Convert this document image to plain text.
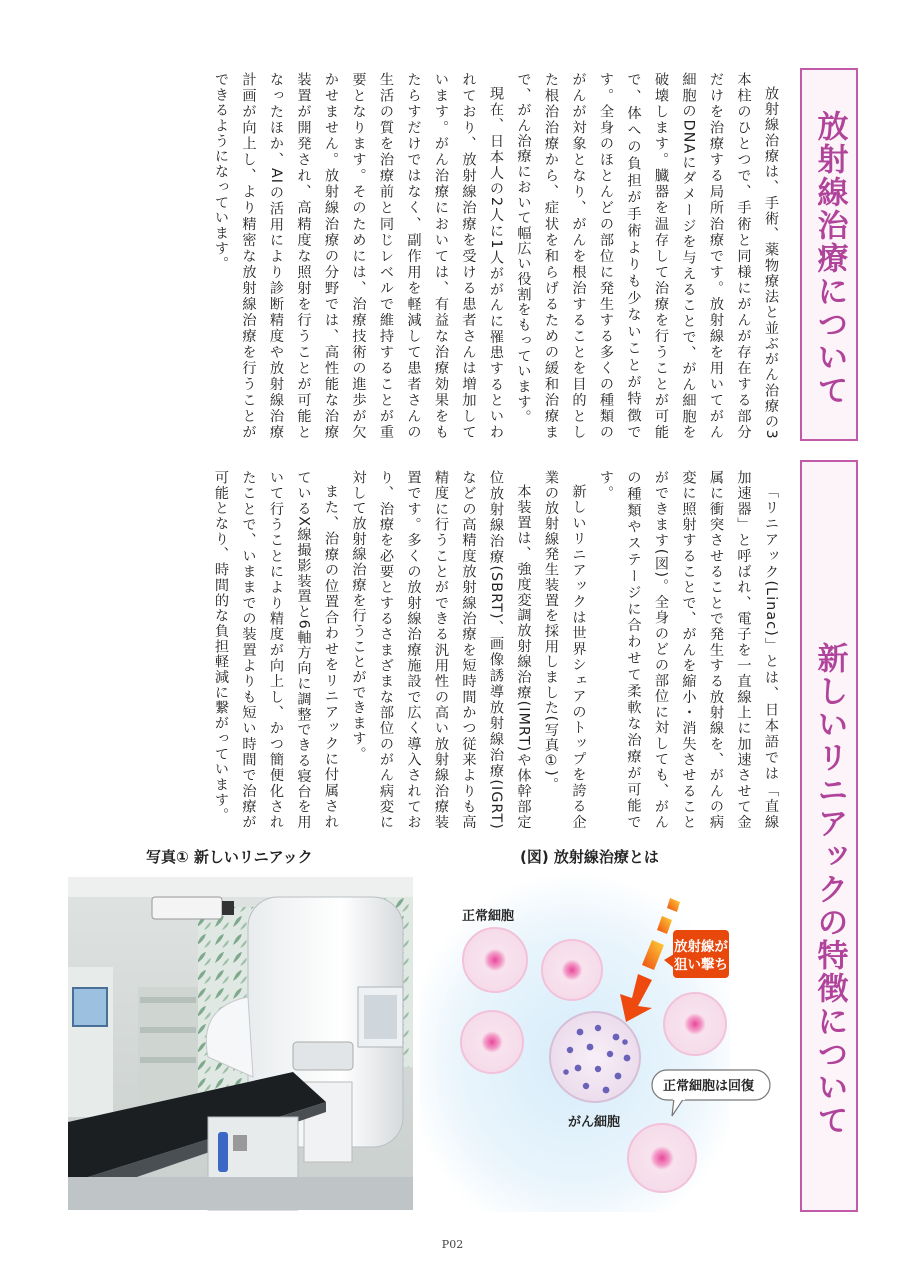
放射線治療について

放射線治療は、手術、薬物療法と並ぶがん治療の3本柱のひとつで、手術と同様にがんが存在する部分だけを治療する局所治療です。放射線を用いてがん細胞のDNAにダメージを与えることで、がん細胞を破壊します。臓器を温存して治療を行うことが可能で、体への負担が手術よりも少ないことが特徴です。全身のほとんどの部位に発生する多くの種類のがんが対象となり、がんを根治することを目的とした根治治療から、症状を和らげるための緩和治療まで、がん治療において幅広い役割をもっています。

現在、日本人の2人に1人ががんに罹患するといわれており、放射線治療を受ける患者さんは増加しています。がん治療においては、有益な治療効果をもたらすだけではなく、副作用を軽減して患者さんの生活の質を治療前と同じレベルで維持することが重要となります。そのためには、治療技術の進歩が欠かせません。放射線治療の分野では、高性能な治療装置が開発され、高精度な照射を行うことが可能となったほか、AIの活用により診断精度や放射線治療計画が向上し、より精密な放射線治療を行うことができるようになっています。

新しいリニアックの特徴について

「リニアック(Linac)」とは、日本語では「直線加速器」と呼ばれ、電子を一直線上に加速させて金属に衝突させることで発生する放射線を、がんの病変に照射することで、がんを縮小・消失させることができます(図)。全身のどの部位に対しても、がんの種類やステージに合わせて柔軟な治療が可能です。

新しいリニアックは世界シェアのトップを誇る企業の放射線発生装置を採用しました(写真①)。

本装置は、強度変調放射線治療(IMRT)や体幹部定位放射線治療(SBRT)、画像誘導放射線治療(IGRT)などの高精度放射線治療を短時間かつ従来よりも高精度に行うことができる汎用性の高い放射線治療装置です。多くの放射線治療施設で広く導入されており、治療を必要とするさまざまな部位のがん病変に対して放射線治療を行うことができます。

また、治療の位置合わせをリニアックに付属されているX線撮影装置と6軸方向に調整できる寝台を用いて行うことにより精度が向上し、かつ簡便化されたことで、いままでの装置よりも短い時間で治療が可能となり、時間的な負担軽減に繋がっています。

写真① 新しいリニアック	(図) 放射線治療とは
放射線が
狙い撃ち
正常細胞
がん細胞
正常細胞は回復
P02
